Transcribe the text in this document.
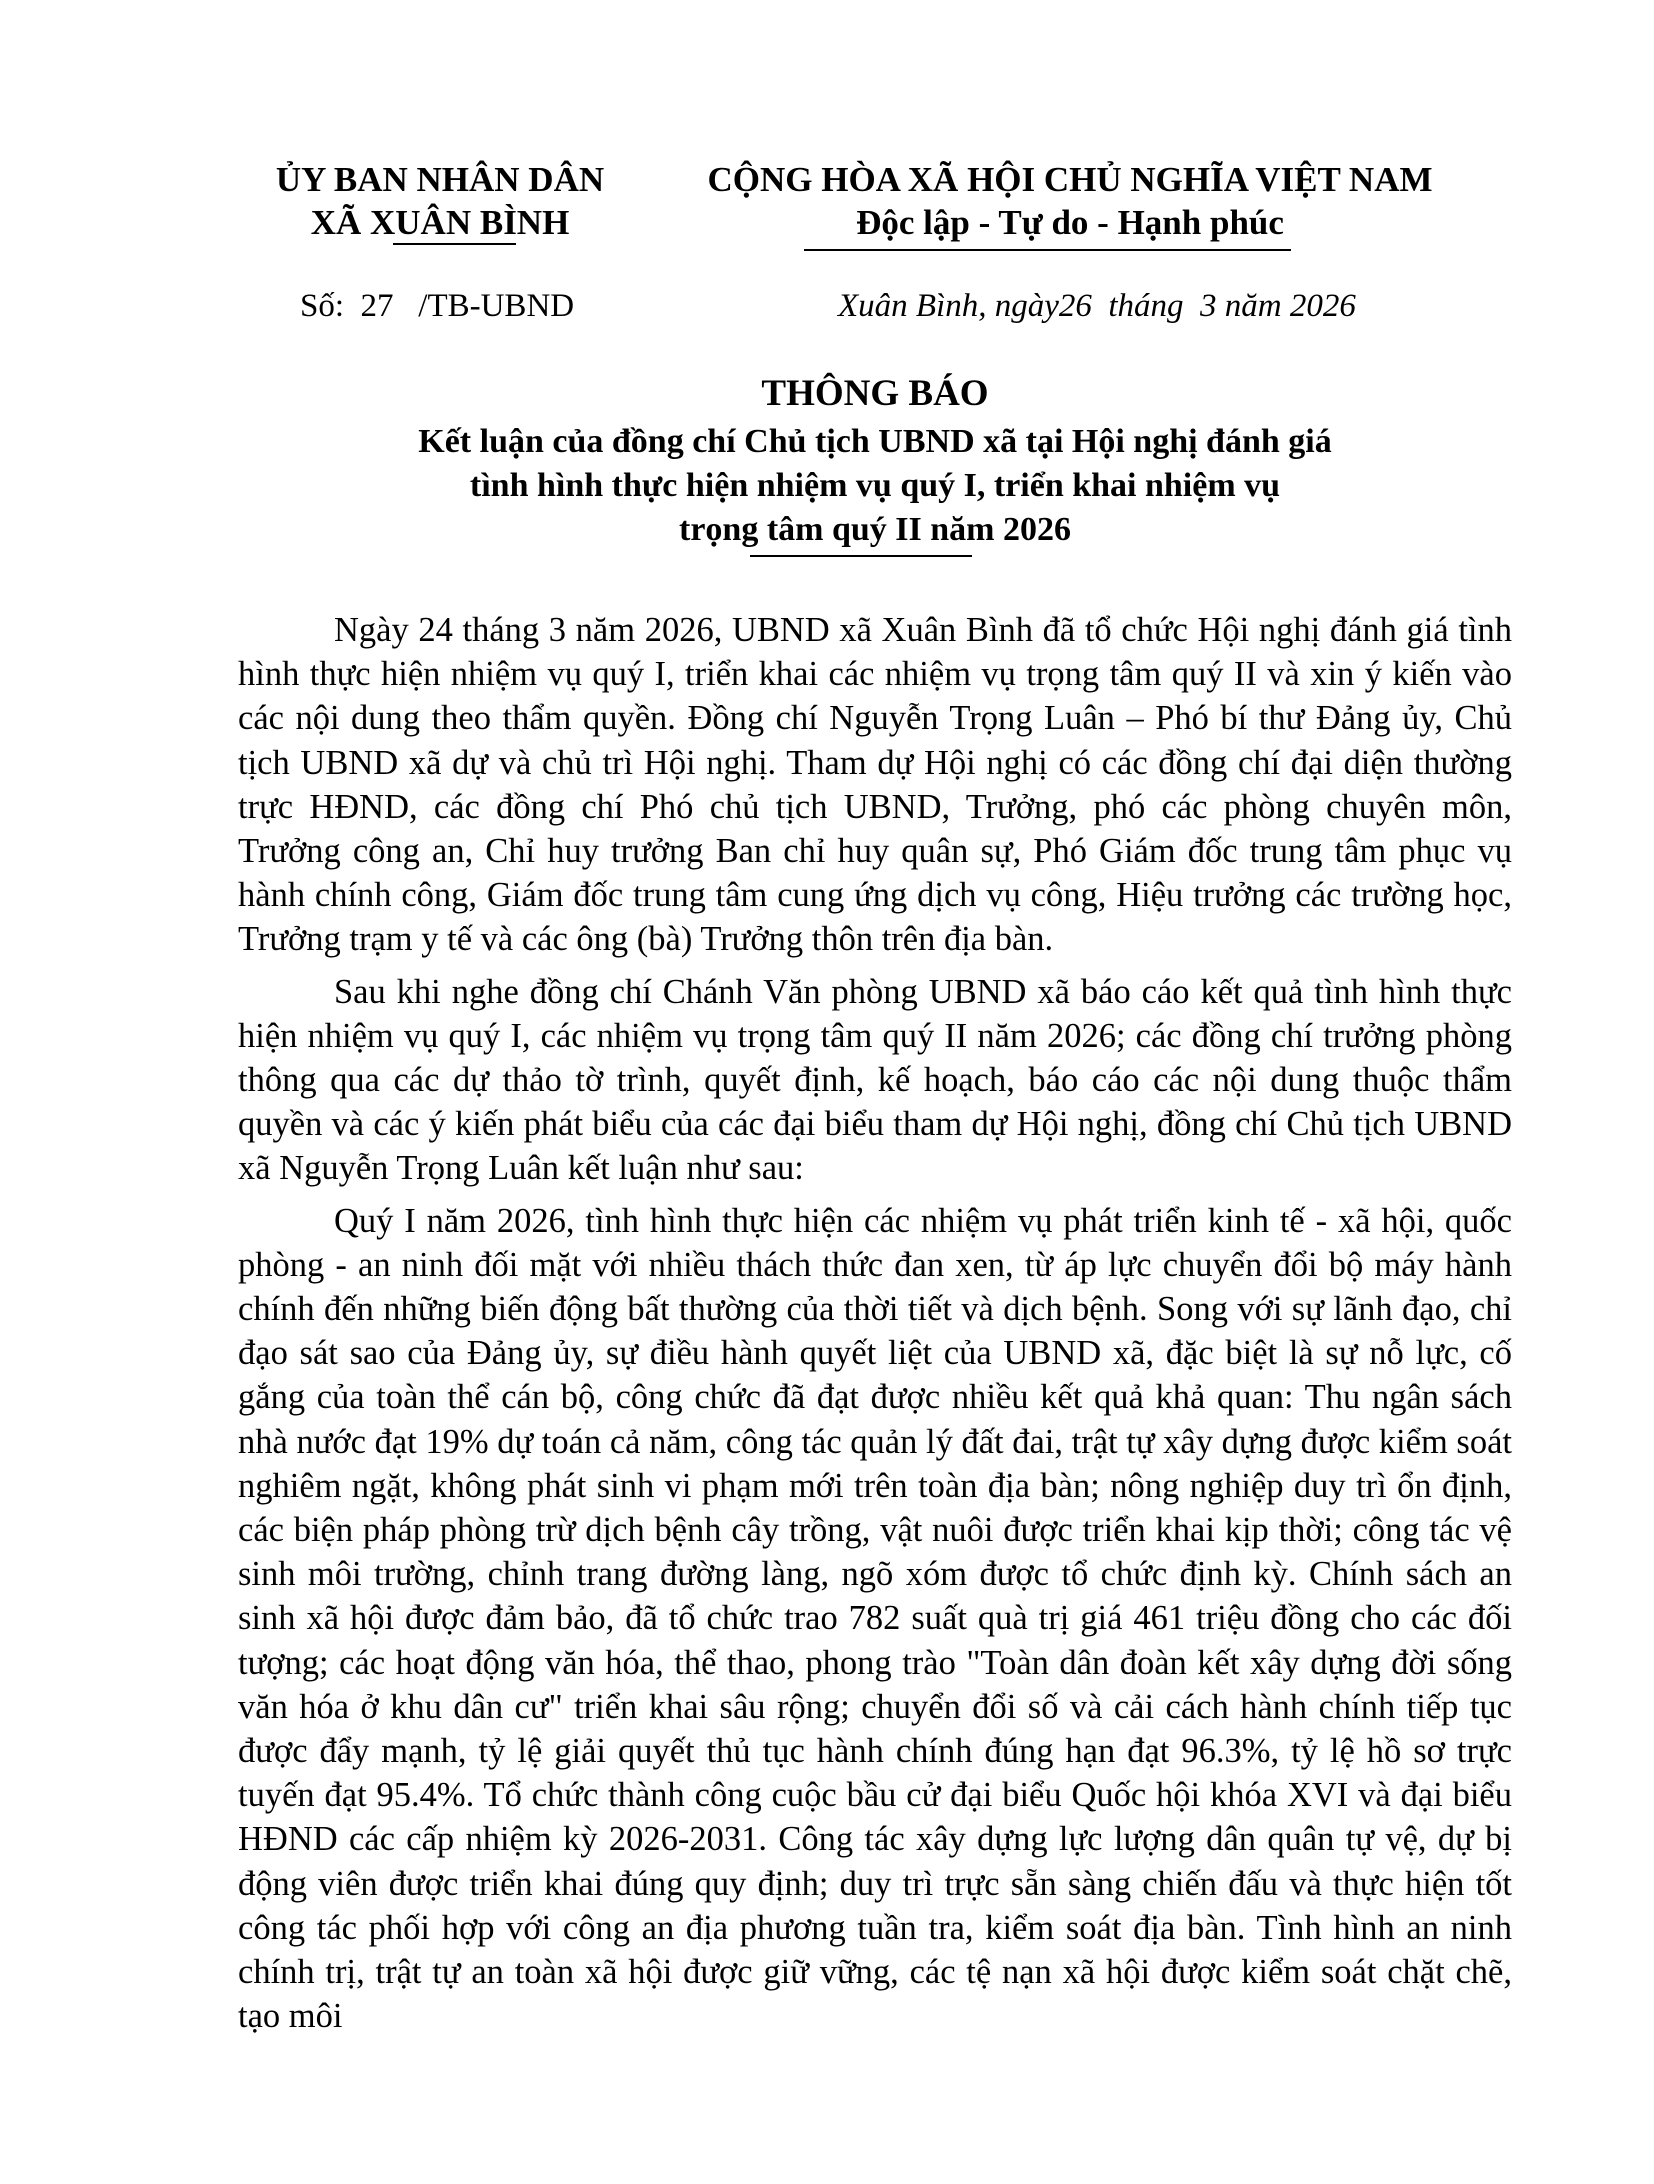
ỦY BAN NHÂN DÂN
XÃ XUÂN BÌNH
CỘNG HÒA XÃ HỘI CHỦ NGHĨA VIỆT NAM
Độc lập - Tự do - Hạnh phúc
Số:  27   /TB-UBND	Xuân Bình, ngày26  tháng  3 năm 2026
THÔNG BÁO
Kết luận của đồng chí Chủ tịch UBND xã tại Hội nghị đánh giá
tình hình thực hiện nhiệm vụ quý I, triển khai nhiệm vụ
trọng tâm quý II năm 2026

Ngày 24 tháng 3 năm 2026, UBND xã Xuân Bình đã tổ chức Hội nghị đánh giá tình hình thực hiện nhiệm vụ quý I, triển khai các nhiệm vụ trọng tâm quý II và xin ý kiến vào các nội dung theo thẩm quyền. Đồng chí Nguyễn Trọng Luân – Phó bí thư Đảng ủy, Chủ tịch UBND xã dự và chủ trì Hội nghị. Tham dự Hội nghị có các đồng chí đại diện thường trực HĐND, các đồng chí Phó chủ tịch UBND, Trưởng, phó các phòng chuyên môn, Trưởng công an, Chỉ huy trưởng Ban chỉ huy quân sự, Phó Giám đốc trung tâm phục vụ hành chính công, Giám đốc trung tâm cung ứng dịch vụ công, Hiệu trưởng các trường học, Trưởng trạm y tế và các ông (bà) Trưởng thôn trên địa bàn.

Sau khi nghe đồng chí Chánh Văn phòng UBND xã báo cáo kết quả tình hình thực hiện nhiệm vụ quý I, các nhiệm vụ trọng tâm quý II năm 2026; các đồng chí trưởng phòng thông qua các dự thảo tờ trình, quyết định, kế hoạch, báo cáo các nội dung thuộc thẩm quyền và các ý kiến phát biểu của các đại biểu tham dự Hội nghị, đồng chí Chủ tịch UBND xã Nguyễn Trọng Luân kết luận như sau:

Quý I năm 2026, tình hình thực hiện các nhiệm vụ phát triển kinh tế - xã hội, quốc phòng - an ninh đối mặt với nhiều thách thức đan xen, từ áp lực chuyển đổi bộ máy hành chính đến những biến động bất thường của thời tiết và dịch bệnh. Song với sự lãnh đạo, chỉ đạo sát sao của Đảng ủy, sự điều hành quyết liệt của UBND xã, đặc biệt là sự nỗ lực, cố gắng của toàn thể cán bộ, công chức đã đạt được nhiều kết quả khả quan: Thu ngân sách nhà nước đạt 19% dự toán cả năm, công tác quản lý đất đai, trật tự xây dựng được kiểm soát nghiêm ngặt, không phát sinh vi phạm mới trên toàn địa bàn; nông nghiệp duy trì ổn định, các biện pháp phòng trừ dịch bệnh cây trồng, vật nuôi được triển khai kịp thời; công tác vệ sinh môi trường, chỉnh trang đường làng, ngõ xóm được tổ chức định kỳ. Chính sách an sinh xã hội được đảm bảo, đã tổ chức trao 782 suất quà trị giá 461 triệu đồng cho các đối tượng; các hoạt động văn hóa, thể thao, phong trào "Toàn dân đoàn kết xây dựng đời sống văn hóa ở khu dân cư" triển khai sâu rộng; chuyển đổi số và cải cách hành chính tiếp tục được đẩy mạnh, tỷ lệ giải quyết thủ tục hành chính đúng hạn đạt 96.3%, tỷ lệ hồ sơ trực tuyến đạt 95.4%. Tổ chức thành công cuộc bầu cử đại biểu Quốc hội khóa XVI và đại biểu HĐND các cấp nhiệm kỳ 2026-2031. Công tác xây dựng lực lượng dân quân tự vệ, dự bị động viên được triển khai đúng quy định; duy trì trực sẵn sàng chiến đấu và thực hiện tốt công tác phối hợp với công an địa phương tuần tra, kiểm soát địa bàn. Tình hình an ninh chính trị, trật tự an toàn xã hội được giữ vững, các tệ nạn xã hội được kiểm soát chặt chẽ, tạo môi
